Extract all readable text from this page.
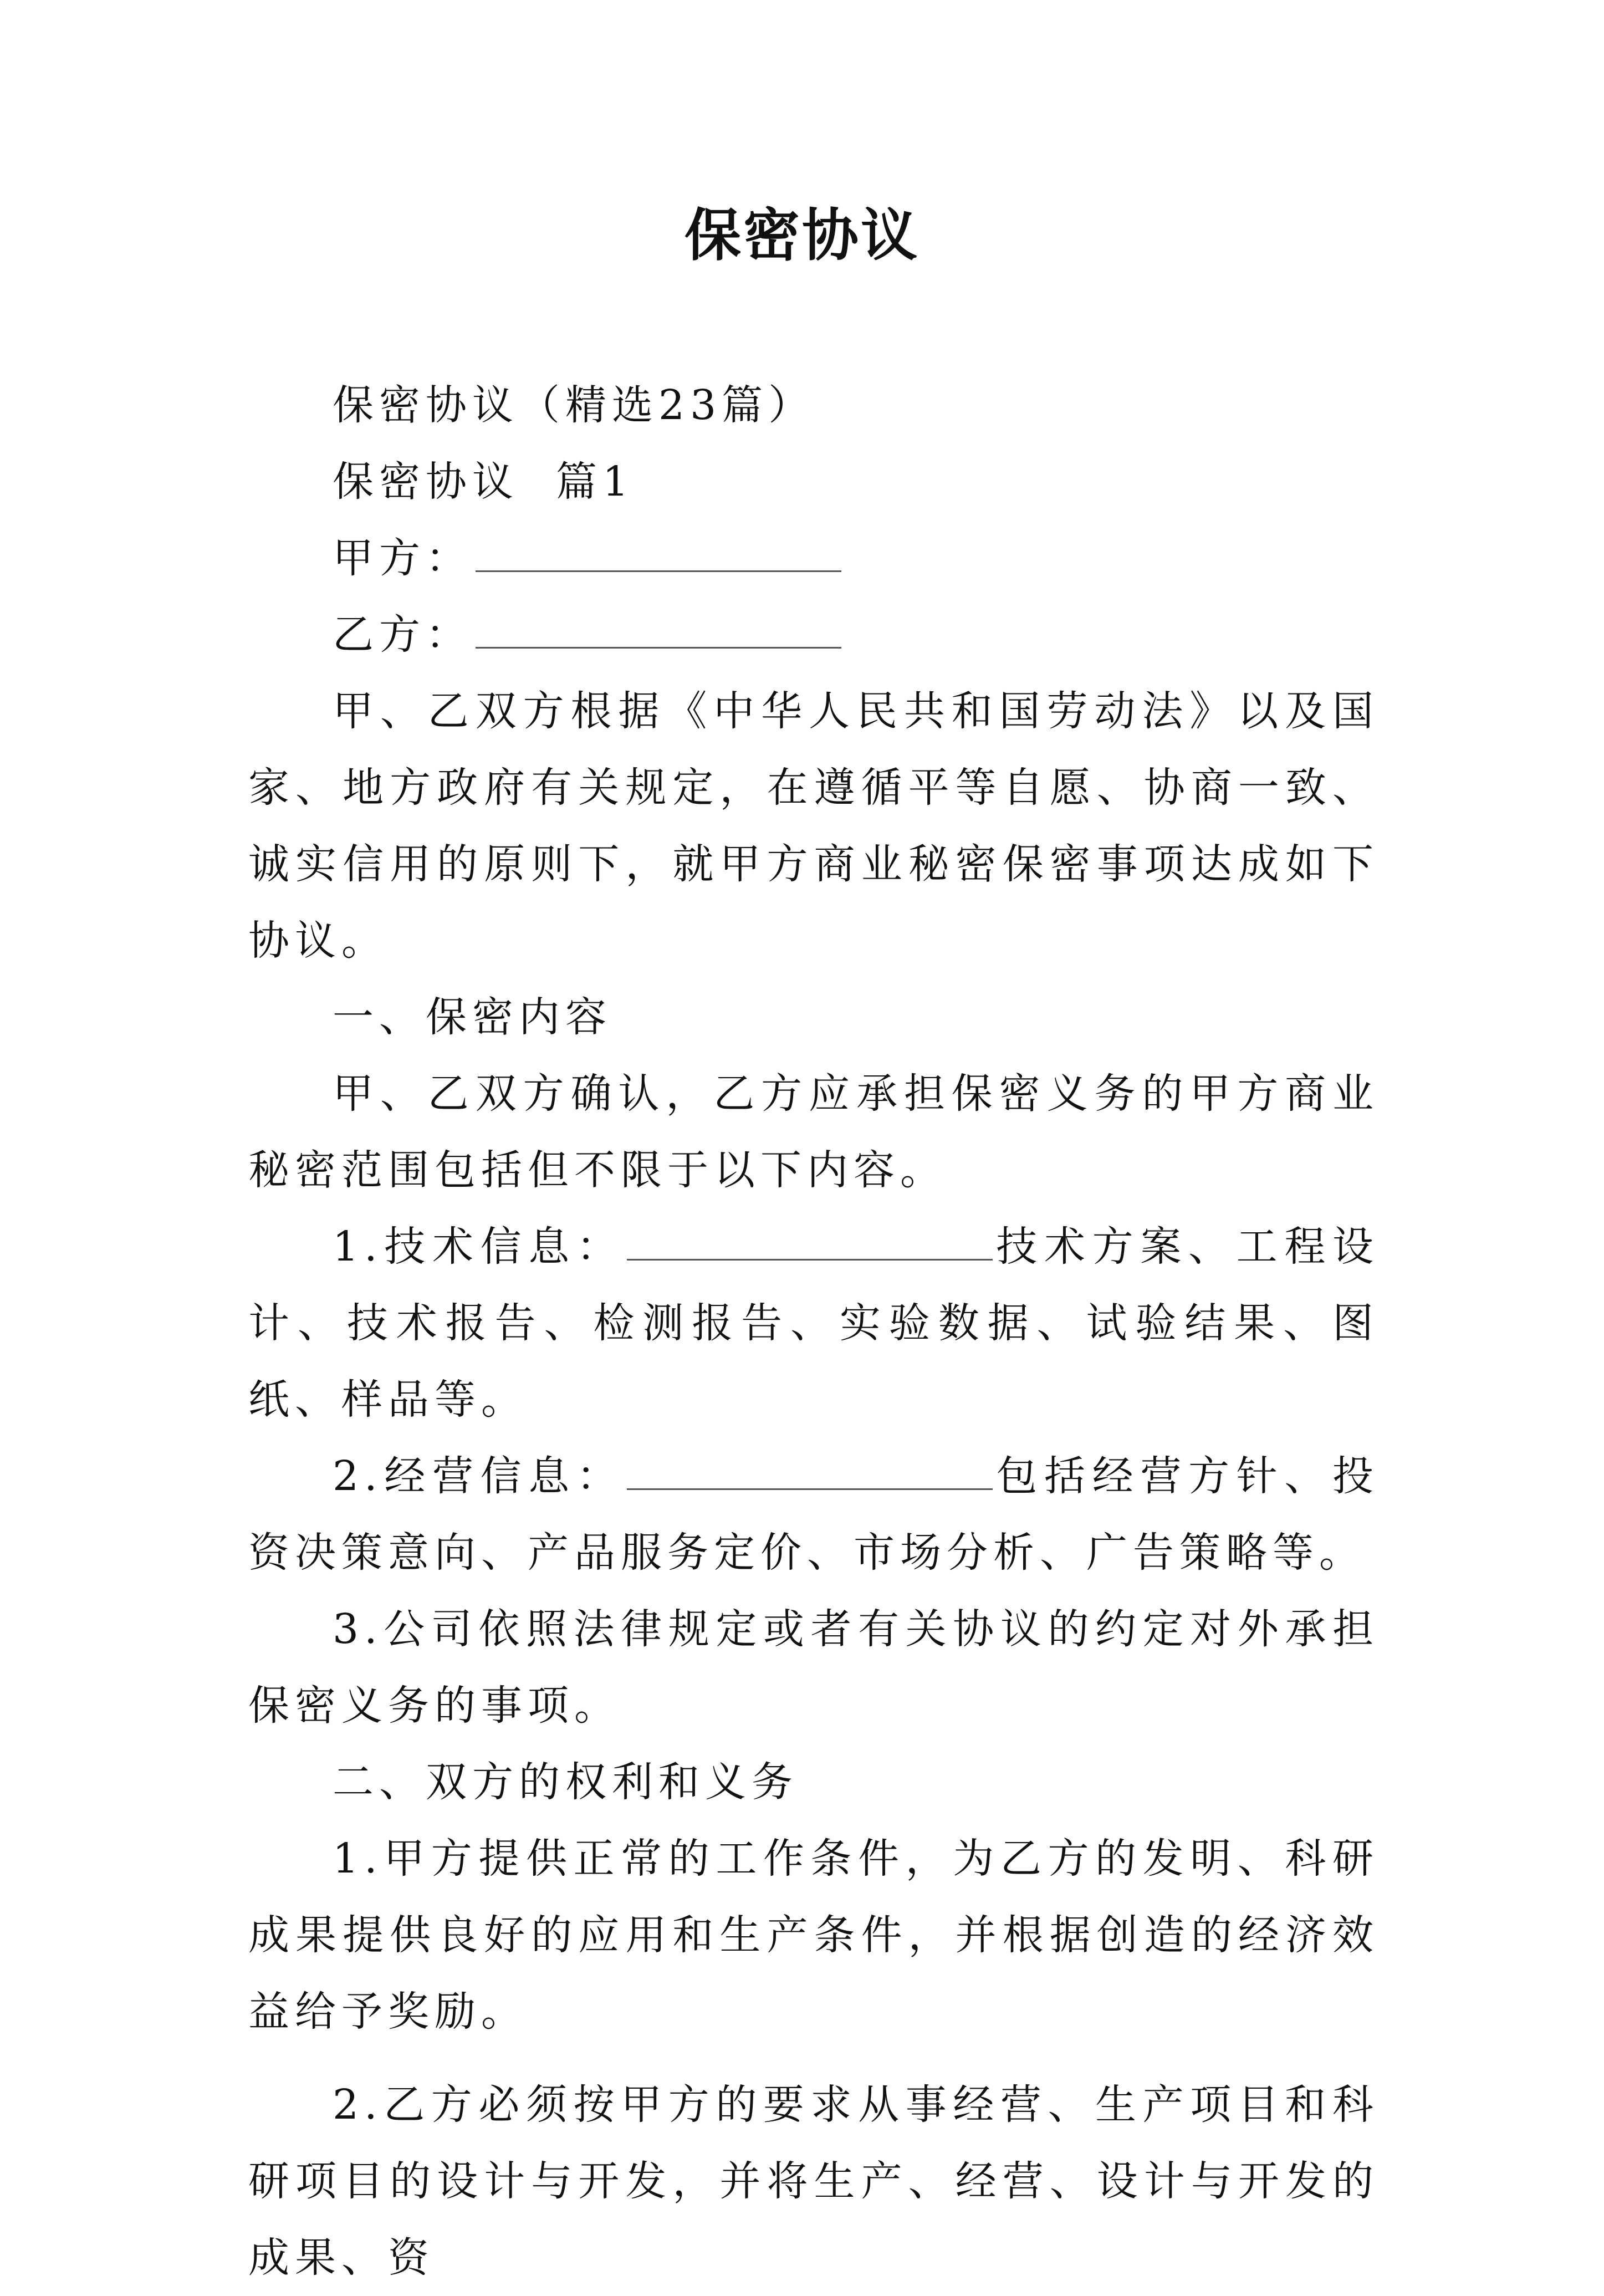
保密协议

保密协议（精选23篇）

保密协议  篇1

甲方：

乙方：

甲、乙双方根据《中华人民共和国劳动法》以及国家、地方政府有关规定，在遵循平等自愿、协商一致、诚实信用的原则下，就甲方商业秘密保密事项达成如下协议。

一、保密内容

甲、乙双方确认，乙方应承担保密义务的甲方商业秘密范围包括但不限于以下内容。

1.技术信息：	技术方案、工程设计、技术报告、检测报告、实验数据、试验结果、图纸、样品等。

2.经营信息：	包括经营方针、投资决策意向、产品服务定价、市场分析、广告策略等。

3.公司依照法律规定或者有关协议的约定对外承担保密义务的事项。

二、双方的权利和义务

1.甲方提供正常的工作条件，为乙方的发明、科研成果提供良好的应用和生产条件，并根据创造的经济效益给予奖励。

2.乙方必须按甲方的要求从事经营、生产项目和科研项目的设计与开发，并将生产、经营、设计与开发的成果、资
